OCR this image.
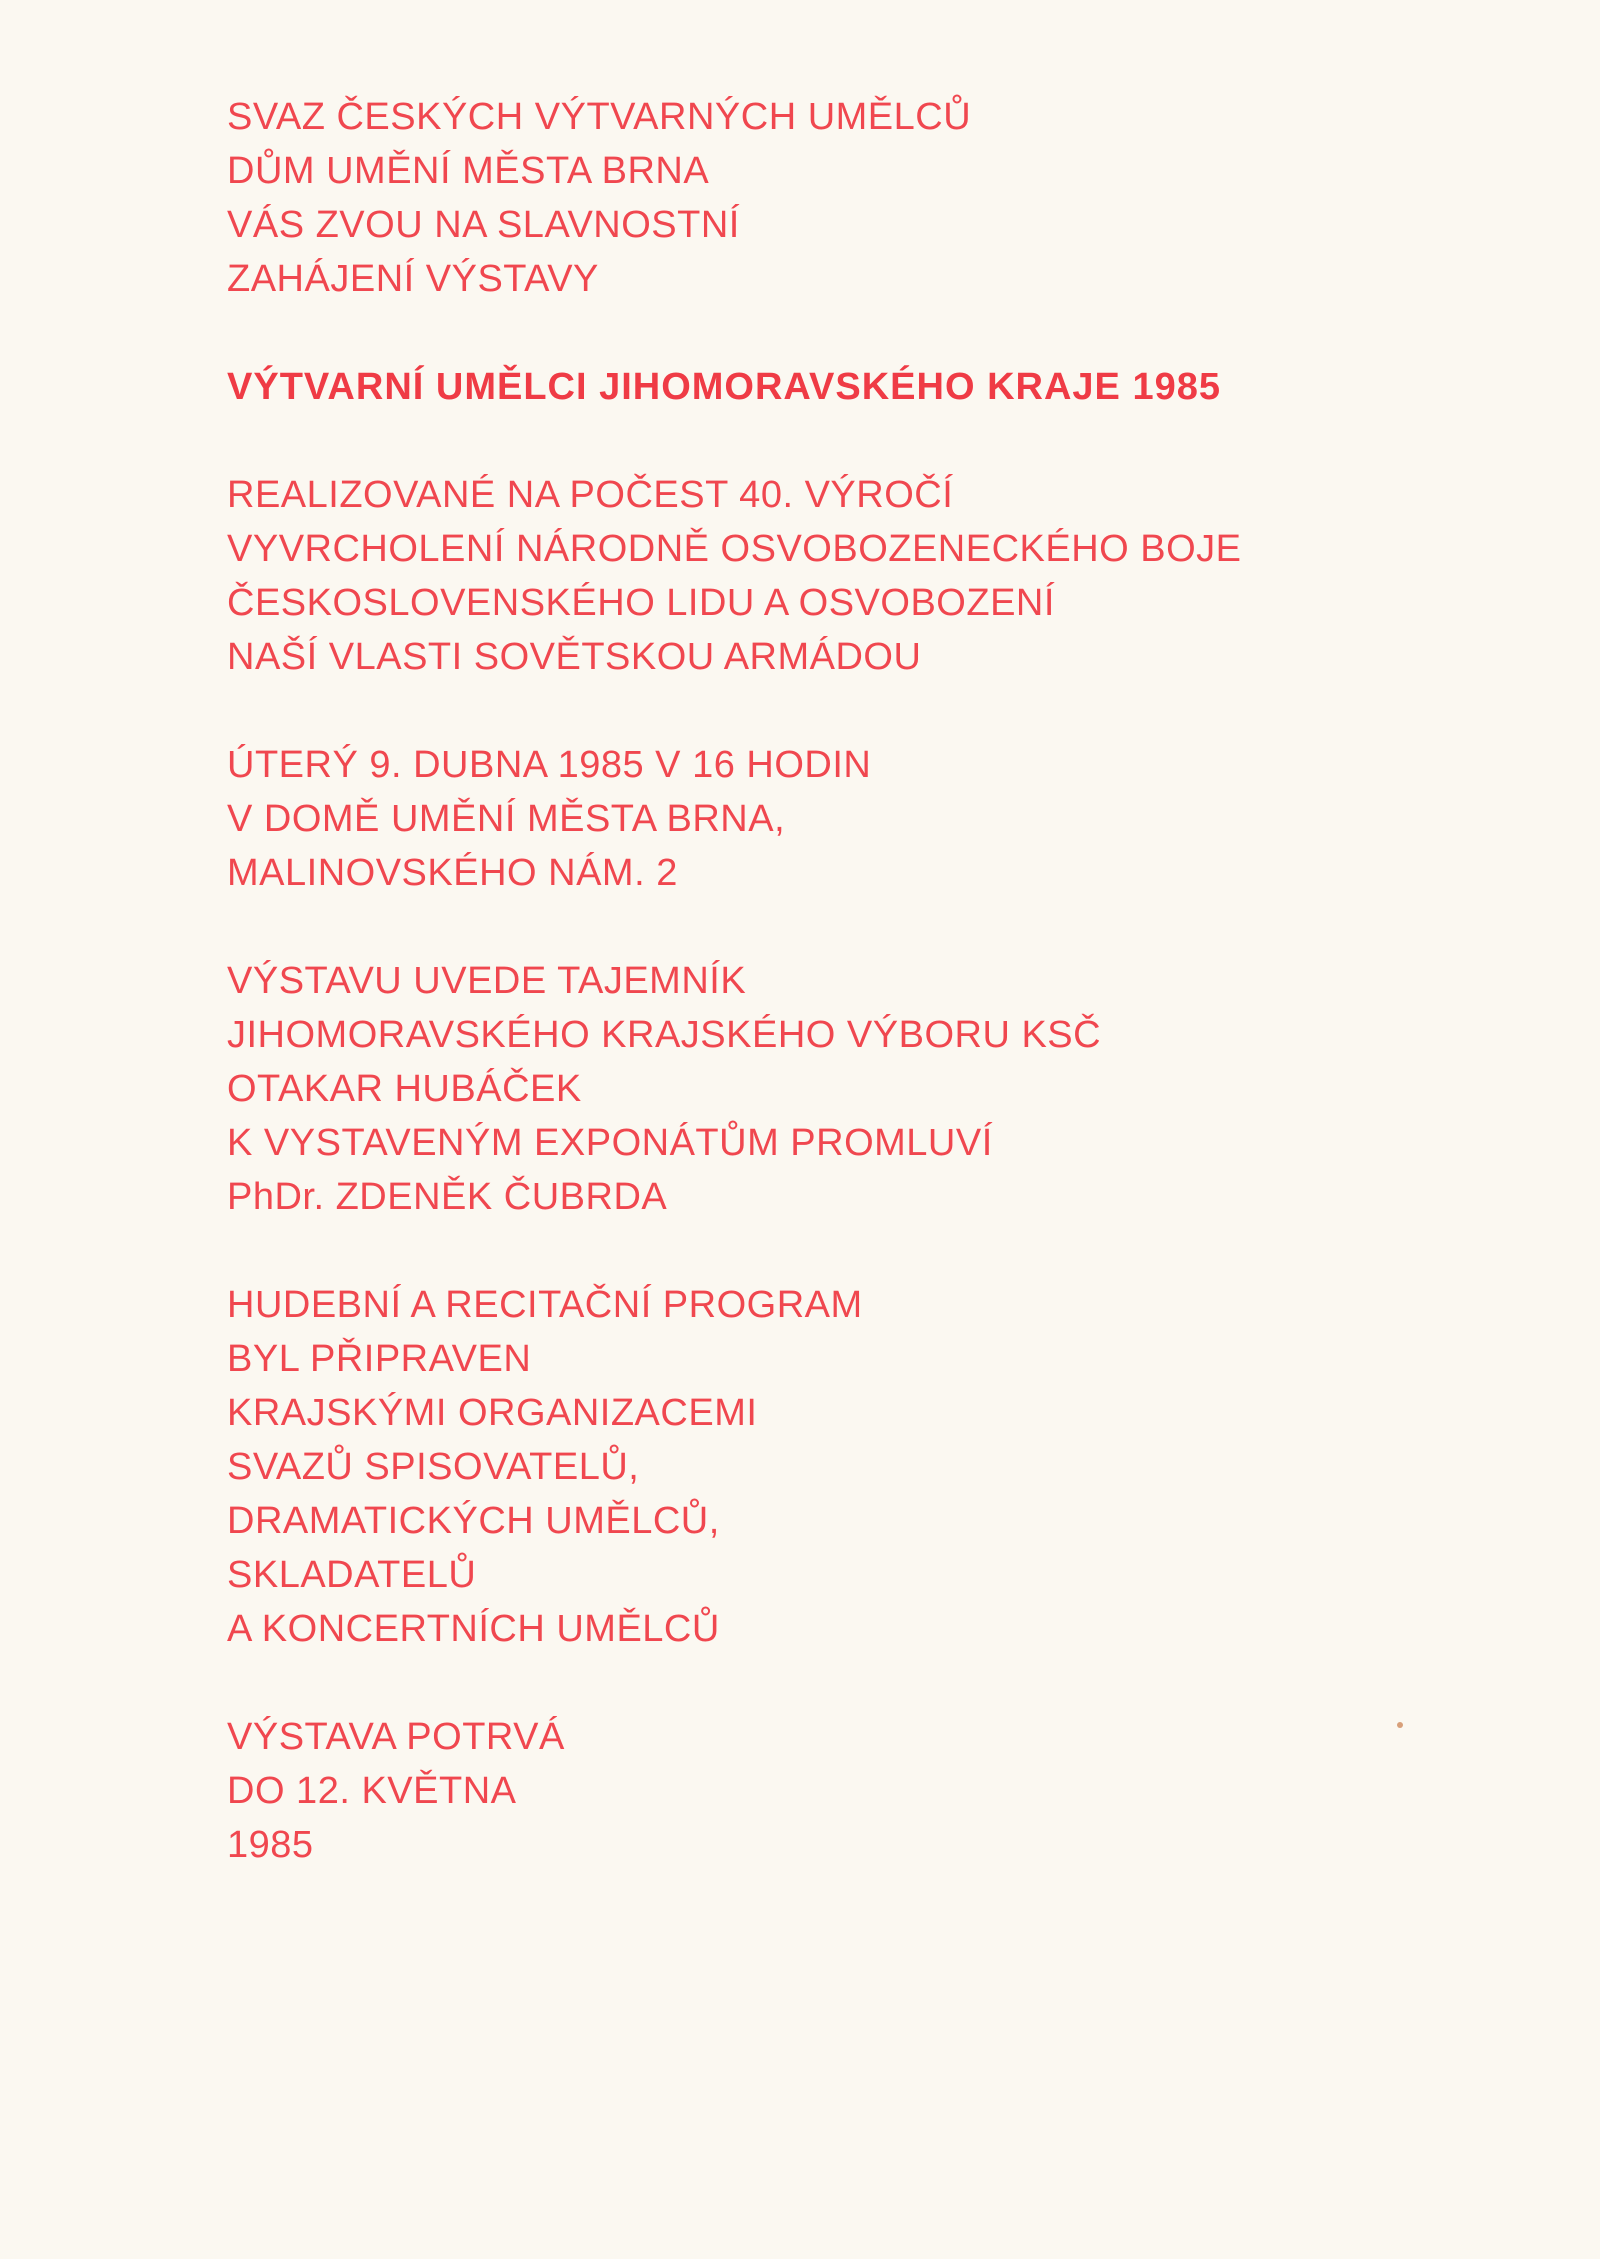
SVAZ ČESKÝCH VÝTVARNÝCH UMĚLCŮ
DŮM UMĚNÍ MĚSTA BRNA
VÁS ZVOU NA SLAVNOSTNÍ
ZAHÁJENÍ VÝSTAVY
VÝTVARNÍ UMĚLCI JIHOMORAVSKÉHO KRAJE 1985
REALIZOVANÉ NA POČEST 40. VÝROČÍ
VYVRCHOLENÍ NÁRODNĚ OSVOBOZENECKÉHO BOJE
ČESKOSLOVENSKÉHO LIDU A OSVOBOZENÍ
NAŠÍ VLASTI SOVĚTSKOU ARMÁDOU
ÚTERÝ 9. DUBNA 1985 V 16 HODIN
V DOMĚ UMĚNÍ MĚSTA BRNA,
MALINOVSKÉHO NÁM. 2
VÝSTAVU UVEDE TAJEMNÍK
JIHOMORAVSKÉHO KRAJSKÉHO VÝBORU KSČ
OTAKAR HUBÁČEK
K VYSTAVENÝM EXPONÁTŮM PROMLUVÍ
PhDr. ZDENĚK ČUBRDA
HUDEBNÍ A RECITAČNÍ PROGRAM
BYL PŘIPRAVEN
KRAJSKÝMI ORGANIZACEMI
SVAZŮ SPISOVATELŮ,
DRAMATICKÝCH UMĚLCŮ,
SKLADATELŮ
A KONCERTNÍCH UMĚLCŮ
VÝSTAVA POTRVÁ
DO 12. KVĚTNA
1985
